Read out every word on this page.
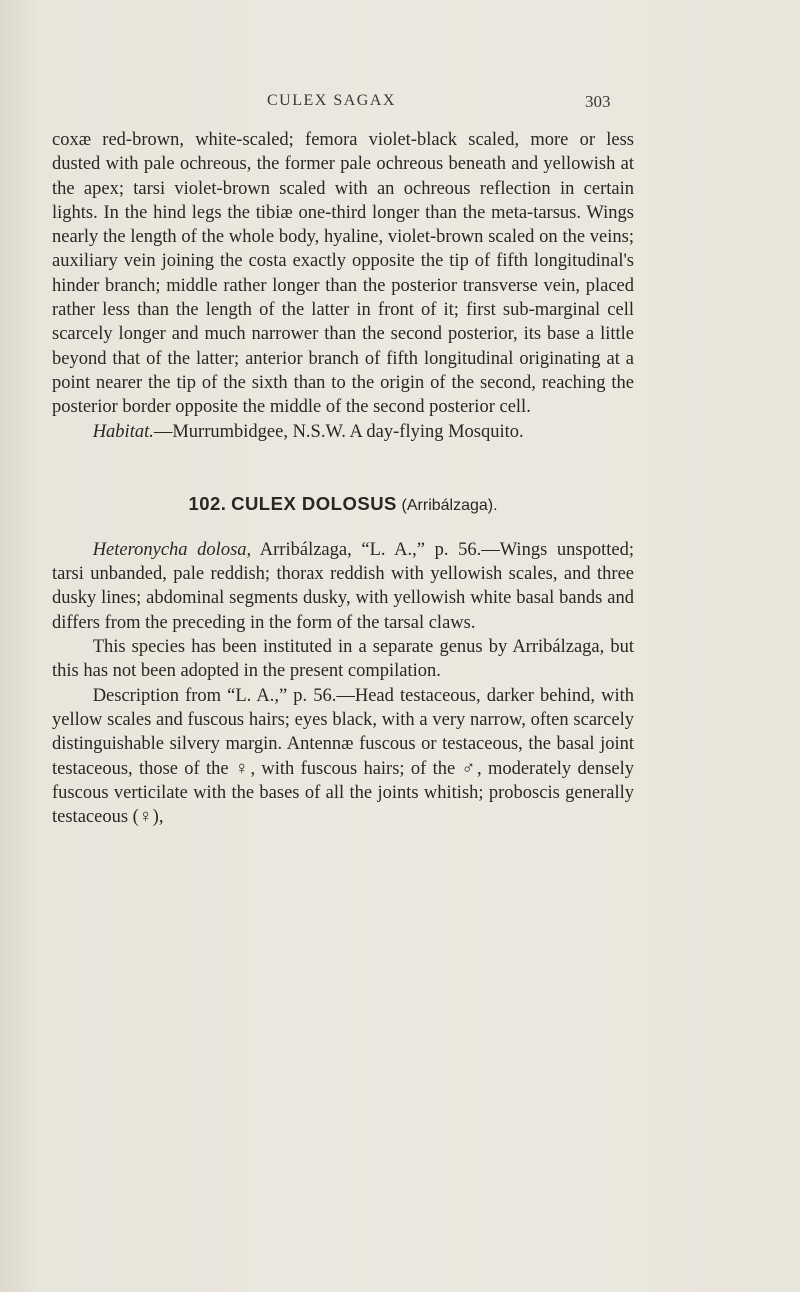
CULEX SAGAX	303

coxæ red-brown, white-scaled; femora violet-black scaled, more or less dusted with pale ochreous, the former pale ochreous beneath and yellowish at the apex; tarsi violet-brown scaled with an ochreous reflection in certain lights. In the hind legs the tibiæ one-third longer than the meta-tarsus. Wings nearly the length of the whole body, hyaline, violet-brown scaled on the veins; auxiliary vein joining the costa exactly opposite the tip of fifth longitudinal's hinder branch; middle rather longer than the posterior transverse vein, placed rather less than the length of the latter in front of it; first sub-marginal cell scarcely longer and much narrower than the second posterior, its base a little beyond that of the latter; anterior branch of fifth longitudinal originating at a point nearer the tip of the sixth than to the origin of the second, reaching the posterior border opposite the middle of the second posterior cell.

Habitat.—Murrumbidgee, N.S.W. A day-flying Mosquito.

102. CULEX DOLOSUS (Arribálzaga).

Heteronycha dolosa, Arribálzaga, “L. A.,” p. 56.—Wings unspotted; tarsi unbanded, pale reddish; thorax reddish with yellowish scales, and three dusky lines; abdominal segments dusky, with yellowish white basal bands and differs from the preceding in the form of the tarsal claws.

This species has been instituted in a separate genus by Arribálzaga, but this has not been adopted in the present compilation.

Description from “L. A.,” p. 56.—Head testaceous, darker behind, with yellow scales and fuscous hairs; eyes black, with a very narrow, often scarcely distinguishable silvery margin. Antennæ fuscous or testaceous, the basal joint testaceous, those of the ♀, with fuscous hairs; of the ♂, moderately densely fuscous verticilate with the bases of all the joints whitish; proboscis generally testaceous (♀),
